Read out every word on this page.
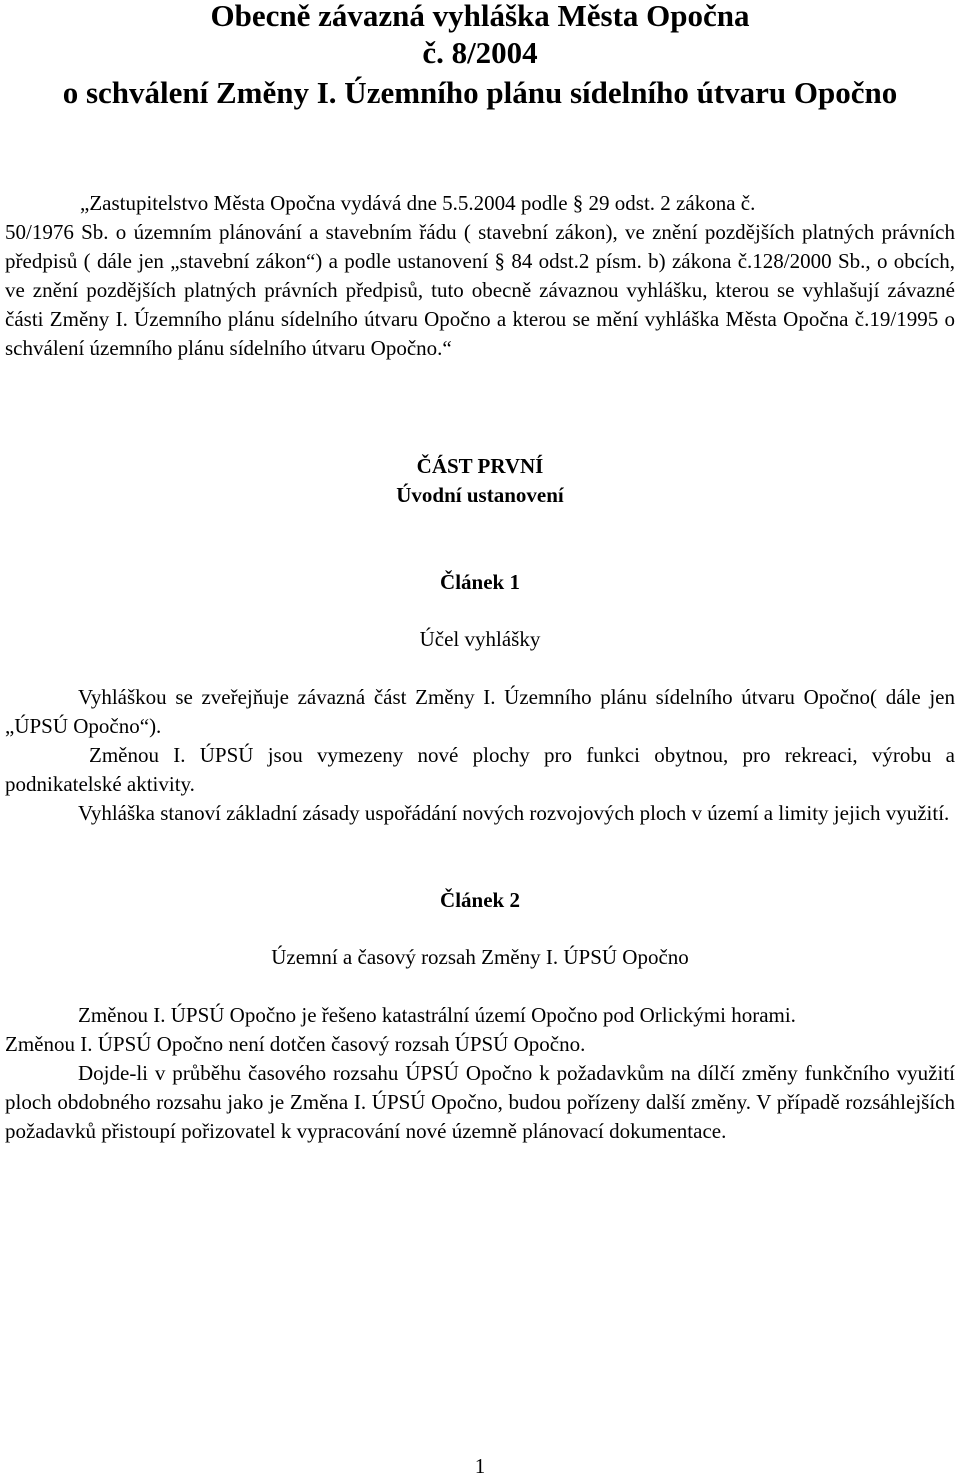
Obecně závazná vyhláška Města Opočna
č. 8/2004
o schválení Změny I. Územního plánu sídelního útvaru Opočno
„Zastupitelstvo Města Opočna vydává dne 5.5.2004 podle § 29 odst. 2 zákona č.
50/1976 Sb. o územním plánování a stavebním řádu ( stavební zákon), ve znění pozdějších platných právních předpisů ( dále jen „stavební zákon“) a podle ustanovení § 84 odst.2 písm. b) zákona č.128/2000 Sb., o obcích, ve znění pozdějších platných právních předpisů, tuto obecně závaznou vyhlášku, kterou se vyhlašují závazné části Změny I. Územního plánu sídelního útvaru Opočno a kterou se mění vyhláška Města Opočna č.19/1995 o schválení územního plánu sídelního útvaru Opočno.“
ČÁST PRVNÍ
Úvodní ustanovení
Článek 1
Účel vyhlášky
Vyhláškou se zveřejňuje závazná část Změny I. Územního plánu sídelního útvaru Opočno( dále jen „ÚPSÚ Opočno“).
Změnou I. ÚPSÚ jsou vymezeny nové plochy pro funkci obytnou, pro rekreaci, výrobu a podnikatelské aktivity.
Vyhláška stanoví základní zásady uspořádání nových rozvojových ploch v území a limity jejich využití.
Článek 2
Územní a časový rozsah Změny I. ÚPSÚ Opočno
Změnou I. ÚPSÚ Opočno je řešeno katastrální území Opočno pod Orlickými horami.
Změnou I. ÚPSÚ Opočno není dotčen časový rozsah ÚPSÚ Opočno.
Dojde-li v průběhu časového rozsahu ÚPSÚ Opočno k požadavkům na dílčí změny funkčního využití ploch obdobného rozsahu jako je Změna I. ÚPSÚ Opočno, budou pořízeny další změny. V případě rozsáhlejších požadavků přistoupí pořizovatel k vypracování nové územně plánovací dokumentace.
1
